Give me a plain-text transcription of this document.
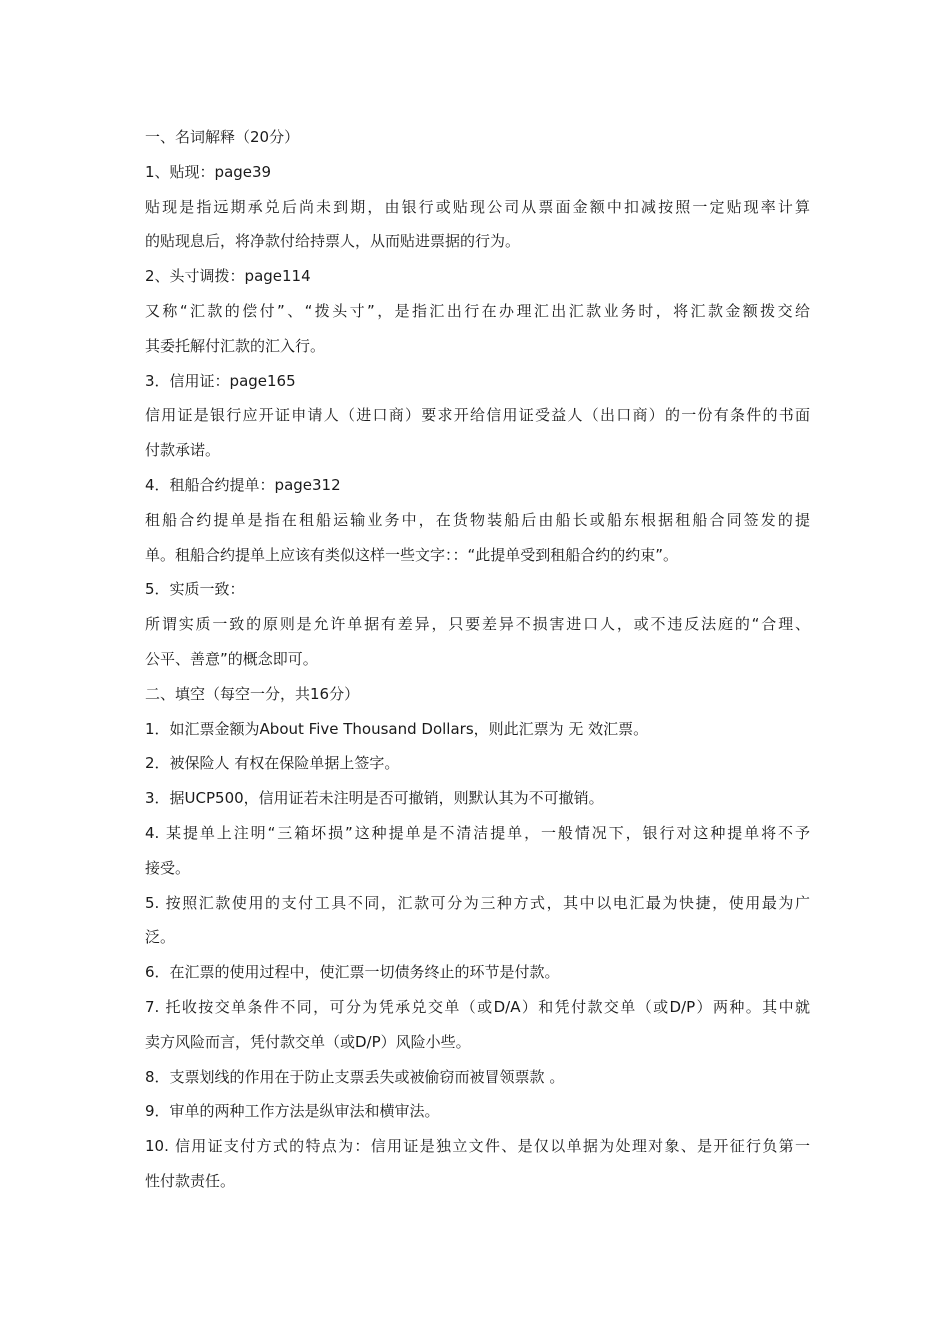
一、名词解释（20分）
1、贴现：page39
贴现是指远期承兑后尚未到期，由银行或贴现公司从票面金额中扣减按照一定贴现率计算
的贴现息后，将净款付给持票人，从而贴进票据的行为。
2、头寸调拨：page114
又称“汇款的偿付”、“拨头寸”，是指汇出行在办理汇出汇款业务时，将汇款金额拨交给
其委托解付汇款的汇入行。
3．信用证：page165
信用证是银行应开证申请人（进口商）要求开给信用证受益人（出口商）的一份有条件的书面
付款承诺。
4．租船合约提单：page312
租船合约提单是指在租船运输业务中，在货物装船后由船长或船东根据租船合同签发的提
单。租船合约提单上应该有类似这样一些文字：：“此提单受到租船合约的约束”。
5．实质一致：
所谓实质一致的原则是允许单据有差异，只要差异不损害进口人，或不违反法庭的“合理、
公平、善意”的概念即可。
二、填空（每空一分，共16分）
1．如汇票金额为About Five Thousand Dollars，则此汇票为 无 效汇票。
2．被保险人 有权在保险单据上签字。
3．据UCP500，信用证若未注明是否可撤销，则默认其为不可撤销。
4. 某提单上注明“三箱坏损”这种提单是不清洁提单，一般情况下，银行对这种提单将不予
接受。
5. 按照汇款使用的支付工具不同，汇款可分为三种方式，其中以电汇最为快捷，使用最为广
泛。
6．在汇票的使用过程中，使汇票一切债务终止的环节是付款。
7. 托收按交单条件不同，可分为凭承兑交单（或D/A）和凭付款交单（或D/P）两种。其中就
卖方风险而言，凭付款交单（或D/P）风险小些。
8．支票划线的作用在于防止支票丢失或被偷窃而被冒领票款 。
9．审单的两种工作方法是纵审法和横审法。
10. 信用证支付方式的特点为：信用证是独立文件、是仅以单据为处理对象、是开征行负第一
性付款责任。
